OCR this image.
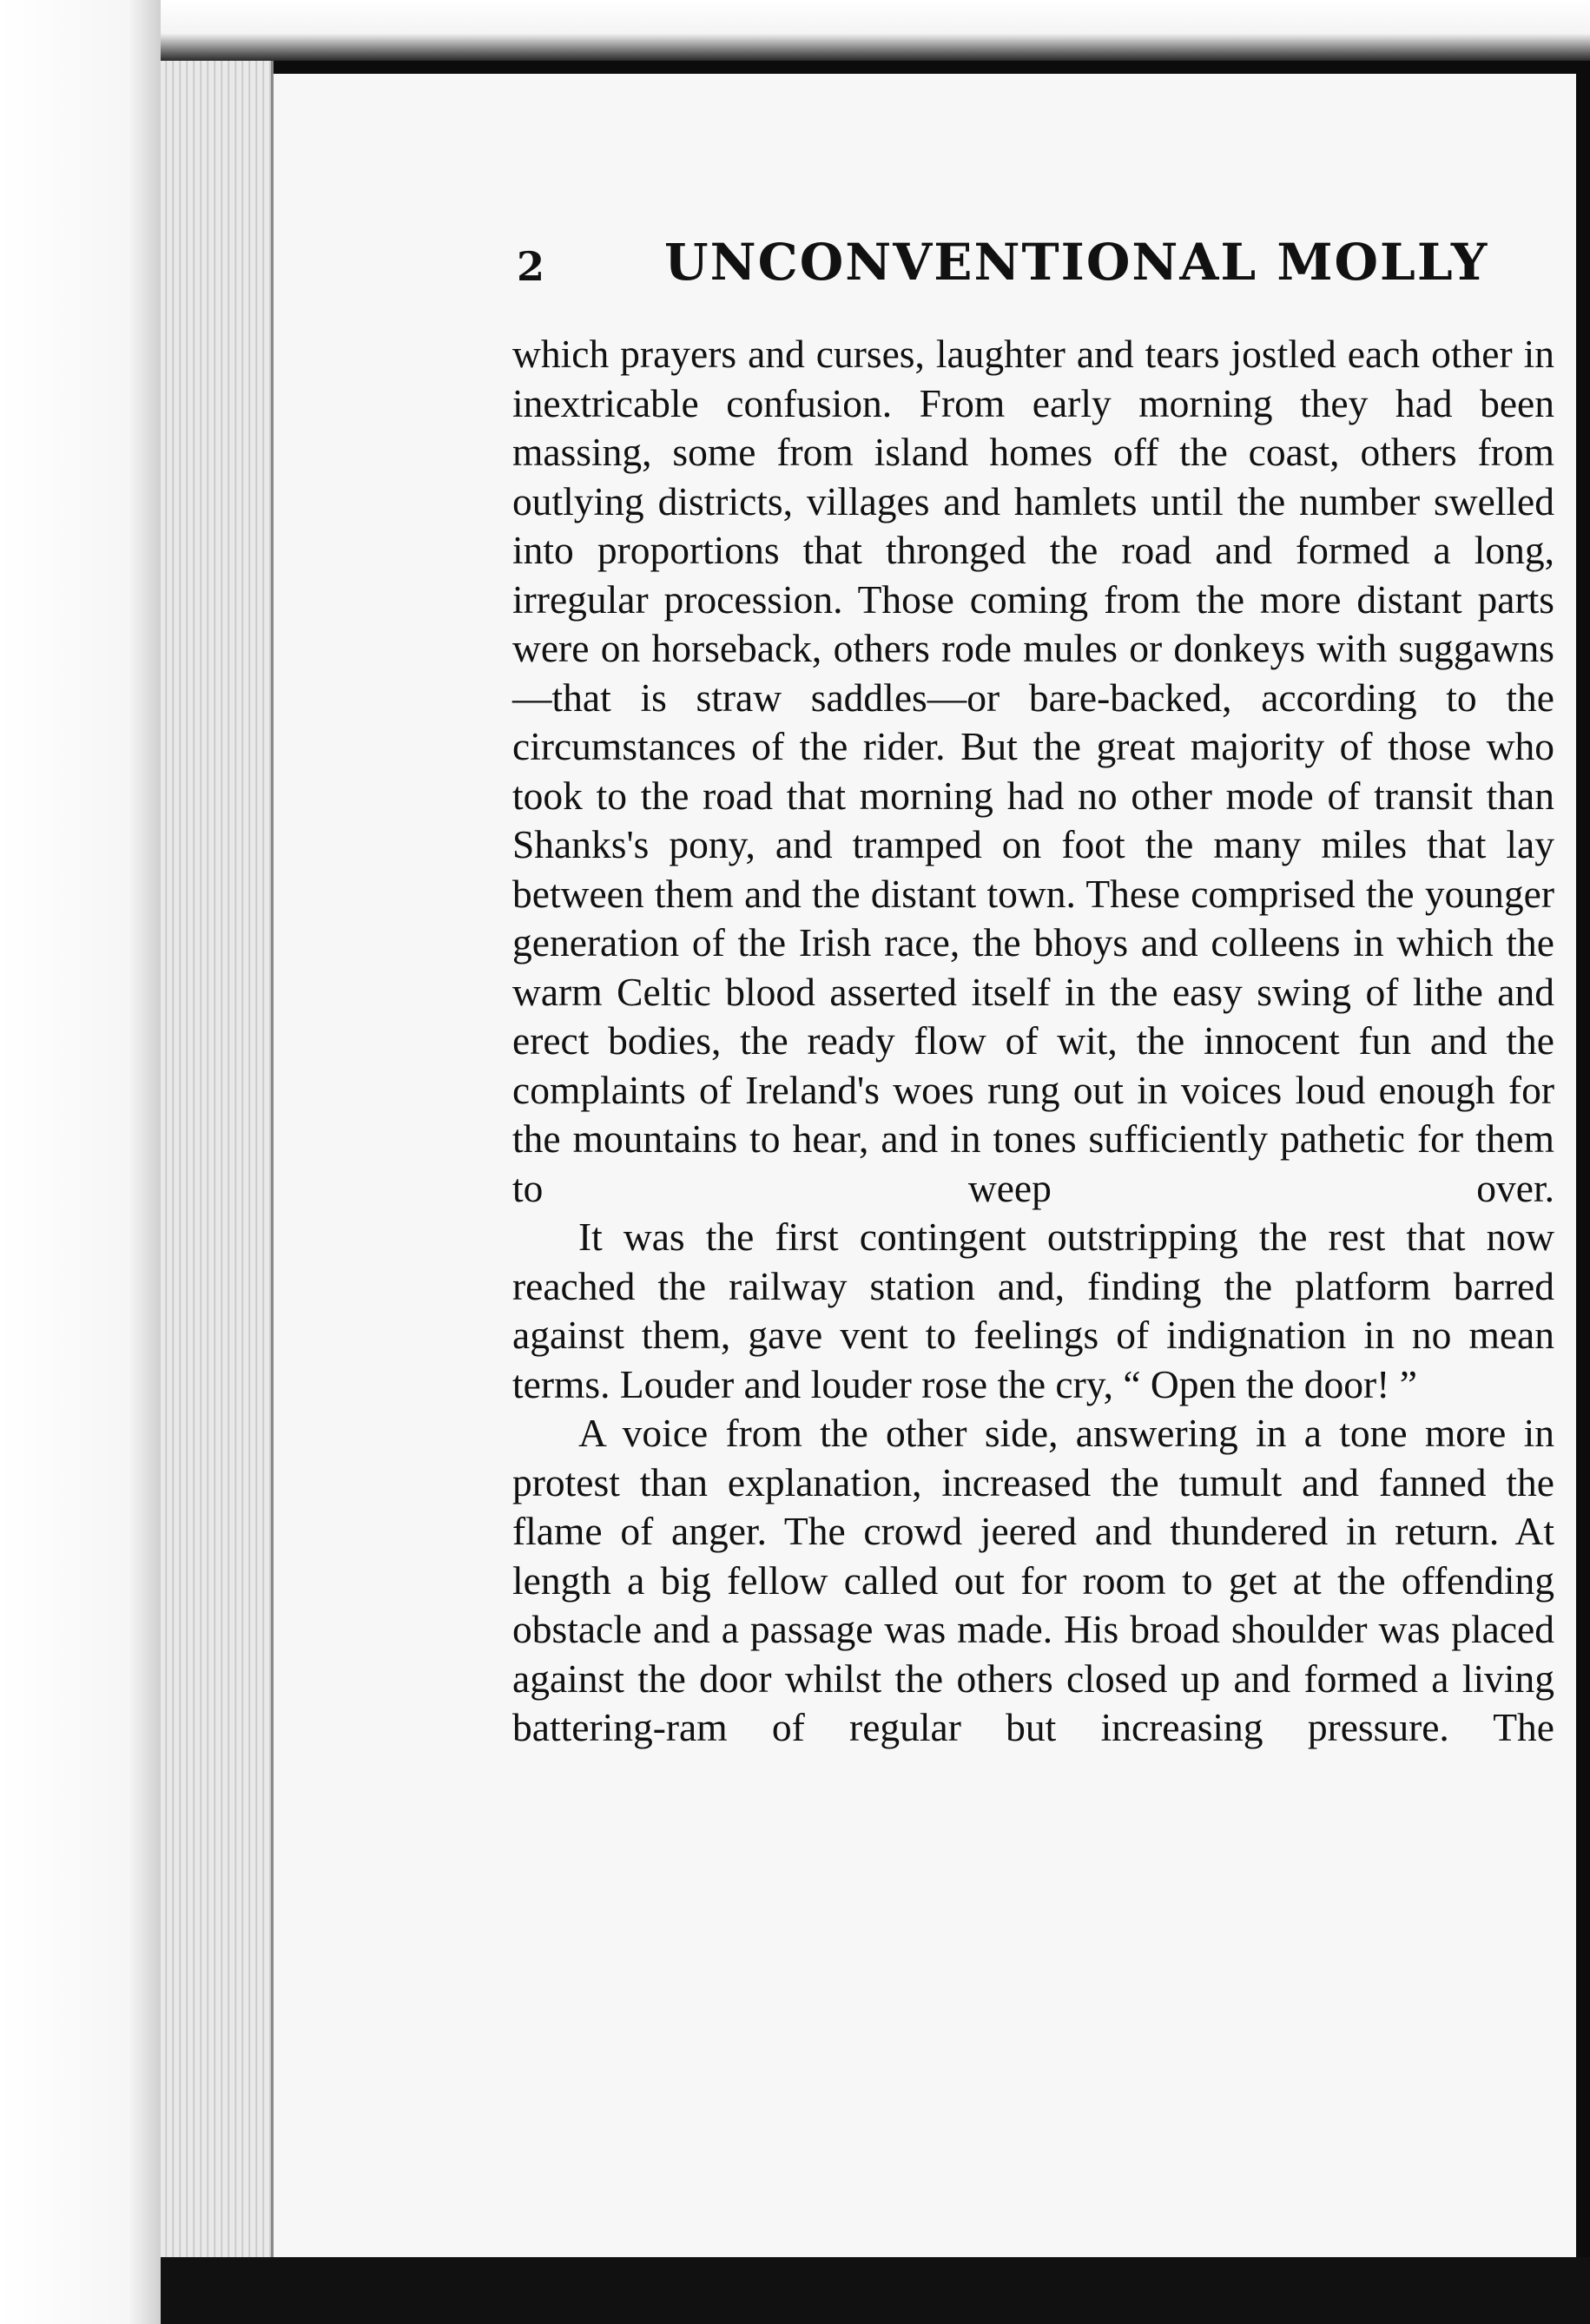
2 UNCONVENTIONAL MOLLY

which prayers and curses, laughter and tears jostled each other in inextricable confusion. From early morning they had been massing, some from island homes off the coast, others from outlying districts, villages and hamlets until the number swelled into proportions that thronged the road and formed a long, irregular procession. Those coming from the more distant parts were on horseback, others rode mules or donkeys with suggawns—that is straw saddles—or bare-backed, according to the circumstances of the rider. But the great majority of those who took to the road that morning had no other mode of transit than Shanks's pony, and tramped on foot the many miles that lay between them and the distant town. These comprised the younger generation of the Irish race, the bhoys and colleens in which the warm Celtic blood asserted itself in the easy swing of lithe and erect bodies, the ready flow of wit, the innocent fun and the complaints of Ireland's woes rung out in voices loud enough for the mountains to hear, and in tones sufficiently pathetic for them to weep over.

It was the first contingent outstripping the rest that now reached the railway station and, finding the platform barred against them, gave vent to feelings of indignation in no mean terms. Louder and louder rose the cry, “ Open the door! ”

A voice from the other side, answering in a tone more in protest than explanation, increased the tumult and fanned the flame of anger. The crowd jeered and thundered in return. At length a big fellow called out for room to get at the offending obstacle and a passage was made. His broad shoulder was placed against the door whilst the others closed up and formed a living battering-ram of regular but increasing pressure. The
